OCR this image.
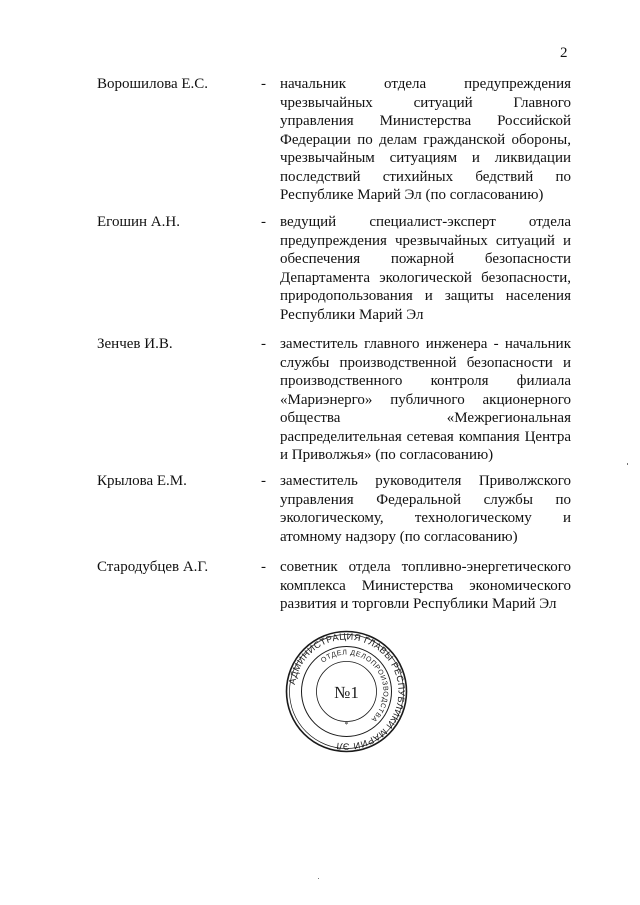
2
Ворошилова Е.С.	- начальник отдела предупреждения чрезвычайных ситуаций Главного управления Министерства Российской Федерации по делам гражданской обороны, чрезвычайным ситуациям и ликвидации последствий стихийных бедствий по Республике Марий Эл (по согласованию)

Егошин А.Н.	- ведущий специалист-эксперт отдела предупреждения чрезвычайных ситуаций и обеспечения пожарной безопасности Департамента экологической безопасности, природопользования и защиты населения Республики Марий Эл

Зенчев И.В.	- заместитель главного инженера - начальник службы производственной безопасности и производственного контроля филиала «Мариэнерго» публичного акционерного общества «Межрегиональная распределительная сетевая компания Центра и Приволжья» (по согласованию)

Крылова Е.М.	- заместитель руководителя Приволжского управления Федеральной службы по экологическому, технологическому и атомному надзору (по согласованию)

Стародубцев А.Г.	- советник отдела топливно-энергетического комплекса Министерства экономического развития и торговли Республики Марий Эл

АДМИНИСТРАЦИЯ ГЛАВЫ РЕСПУБЛИКИ МАРИЙ ЭЛ
ОТДЕЛ ДЕЛОПРОИЗВОДСТВА
№1
*
